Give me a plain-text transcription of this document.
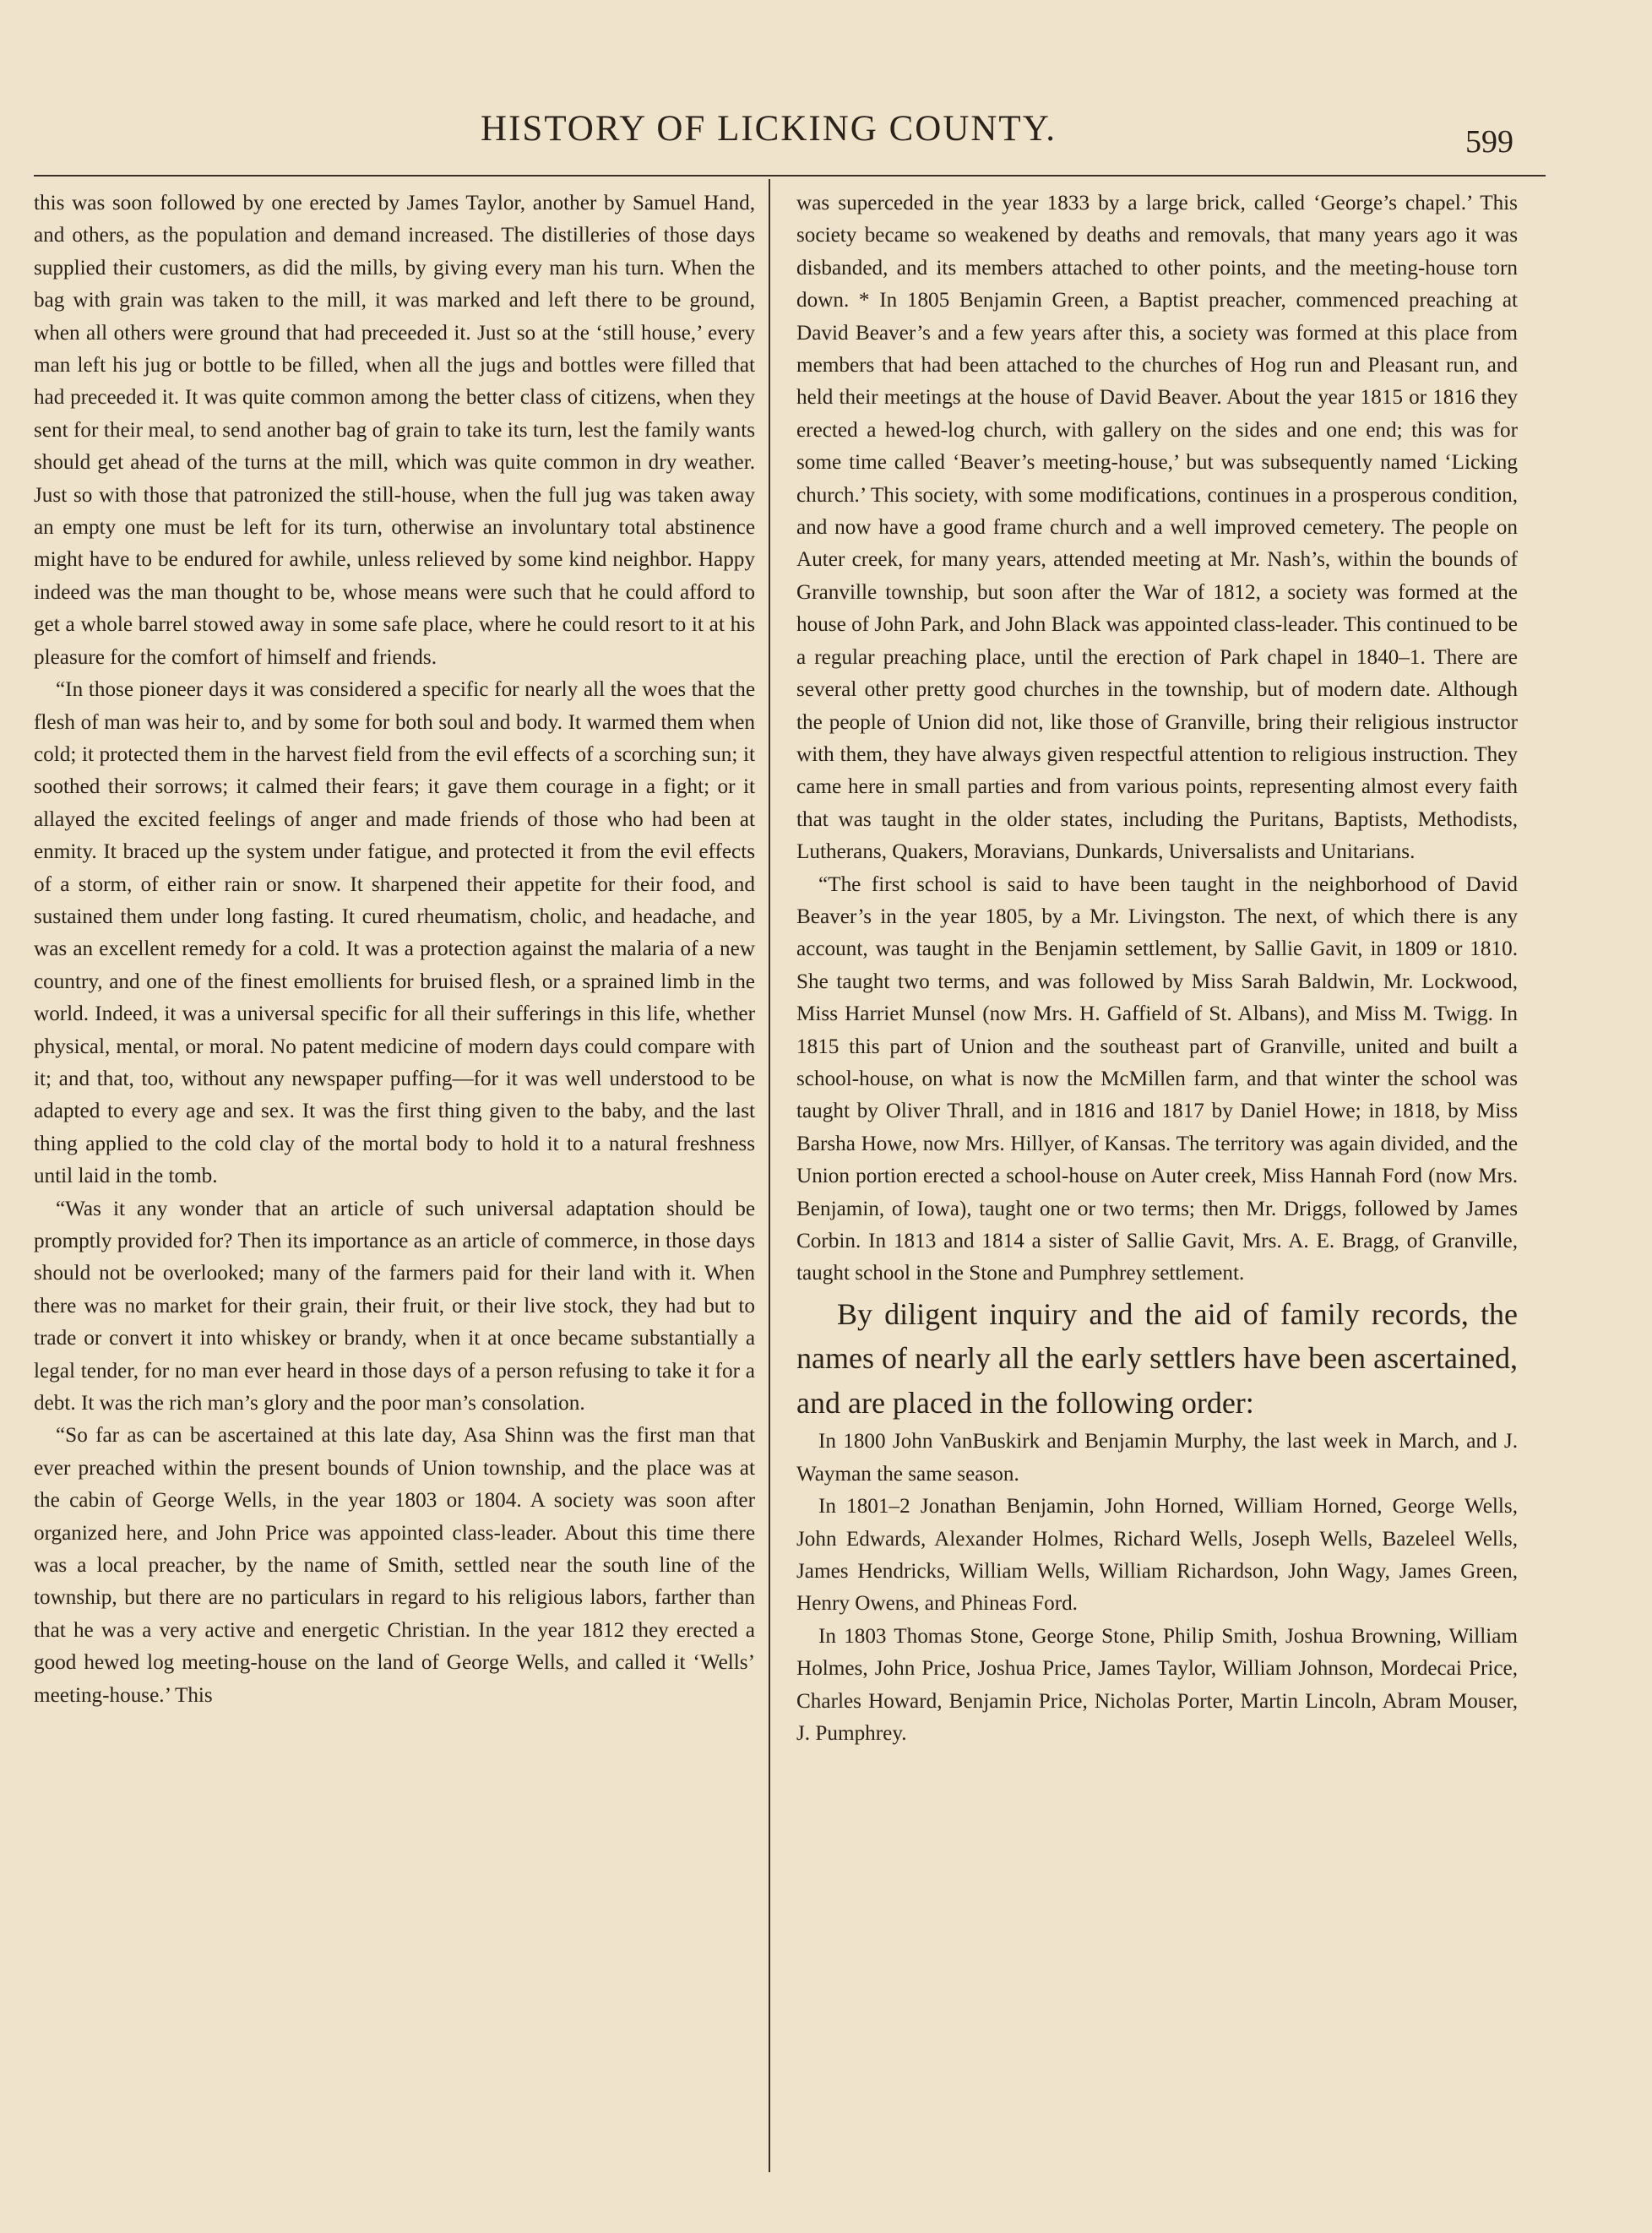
HISTORY OF LICKING COUNTY.	599

this was soon followed by one erected by James Taylor, another by Samuel Hand, and others, as the population and demand increased. The distilleries of those days supplied their customers, as did the mills, by giving every man his turn. When the bag with grain was taken to the mill, it was marked and left there to be ground, when all others were ground that had preceeded it. Just so at the ‘still house,’ every man left his jug or bottle to be filled, when all the jugs and bottles were filled that had preceeded it. It was quite common among the better class of citizens, when they sent for their meal, to send another bag of grain to take its turn, lest the family wants should get ahead of the turns at the mill, which was quite common in dry weather. Just so with those that patronized the still-house, when the full jug was taken away an empty one must be left for its turn, otherwise an involuntary total abstinence might have to be endured for awhile, unless relieved by some kind neighbor. Happy indeed was the man thought to be, whose means were such that he could afford to get a whole barrel stowed away in some safe place, where he could resort to it at his pleasure for the comfort of himself and friends.

“In those pioneer days it was considered a specific for nearly all the woes that the flesh of man was heir to, and by some for both soul and body. It warmed them when cold; it protected them in the harvest field from the evil effects of a scorching sun; it soothed their sorrows; it calmed their fears; it gave them courage in a fight; or it allayed the excited feelings of anger and made friends of those who had been at enmity. It braced up the system under fatigue, and protected it from the evil effects of a storm, of either rain or snow. It sharpened their appetite for their food, and sustained them under long fasting. It cured rheumatism, cholic, and headache, and was an excellent remedy for a cold. It was a protection against the malaria of a new country, and one of the finest emollients for bruised flesh, or a sprained limb in the world. Indeed, it was a universal specific for all their sufferings in this life, whether physical, mental, or moral. No patent medicine of modern days could compare with it; and that, too, without any newspaper puffing—for it was well understood to be adapted to every age and sex. It was the first thing given to the baby, and the last thing applied to the cold clay of the mortal body to hold it to a natural freshness until laid in the tomb.

“Was it any wonder that an article of such universal adaptation should be promptly provided for? Then its importance as an article of commerce, in those days should not be overlooked; many of the farmers paid for their land with it. When there was no market for their grain, their fruit, or their live stock, they had but to trade or convert it into whiskey or brandy, when it at once became substantially a legal tender, for no man ever heard in those days of a person refusing to take it for a debt. It was the rich man’s glory and the poor man’s consolation.

“So far as can be ascertained at this late day, Asa Shinn was the first man that ever preached within the present bounds of Union township, and the place was at the cabin of George Wells, in the year 1803 or 1804. A society was soon after organized here, and John Price was appointed class-leader. About this time there was a local preacher, by the name of Smith, settled near the south line of the township, but there are no particulars in regard to his religious labors, farther than that he was a very active and energetic Christian. In the year 1812 they erected a good hewed log meeting-house on the land of George Wells, and called it ‘Wells’ meeting-house.’ This

was superceded in the year 1833 by a large brick, called ‘George’s chapel.’ This society became so weakened by deaths and removals, that many years ago it was disbanded, and its members attached to other points, and the meeting-house torn down. * In 1805 Benjamin Green, a Baptist preacher, commenced preaching at David Beaver’s and a few years after this, a society was formed at this place from members that had been attached to the churches of Hog run and Pleasant run, and held their meetings at the house of David Beaver. About the year 1815 or 1816 they erected a hewed-log church, with gallery on the sides and one end; this was for some time called ‘Beaver’s meeting-house,’ but was subsequently named ‘Licking church.’ This society, with some modifications, continues in a prosperous condition, and now have a good frame church and a well improved cemetery. The people on Auter creek, for many years, attended meeting at Mr. Nash’s, within the bounds of Granville township, but soon after the War of 1812, a society was formed at the house of John Park, and John Black was appointed class-leader. This continued to be a regular preaching place, until the erection of Park chapel in 1840–1. There are several other pretty good churches in the township, but of modern date. Although the people of Union did not, like those of Granville, bring their religious instructor with them, they have always given respectful attention to religious instruction. They came here in small parties and from various points, representing almost every faith that was taught in the older states, including the Puritans, Baptists, Methodists, Lutherans, Quakers, Moravians, Dunkards, Universalists and Unitarians.

“The first school is said to have been taught in the neighborhood of David Beaver’s in the year 1805, by a Mr. Livingston. The next, of which there is any account, was taught in the Benjamin settlement, by Sallie Gavit, in 1809 or 1810. She taught two terms, and was followed by Miss Sarah Baldwin, Mr. Lockwood, Miss Harriet Munsel (now Mrs. H. Gaffield of St. Albans), and Miss M. Twigg. In 1815 this part of Union and the southeast part of Granville, united and built a school-house, on what is now the McMillen farm, and that winter the school was taught by Oliver Thrall, and in 1816 and 1817 by Daniel Howe; in 1818, by Miss Barsha Howe, now Mrs. Hillyer, of Kansas. The territory was again divided, and the Union portion erected a school-house on Auter creek, Miss Hannah Ford (now Mrs. Benjamin, of Iowa), taught one or two terms; then Mr. Driggs, followed by James Corbin. In 1813 and 1814 a sister of Sallie Gavit, Mrs. A. E. Bragg, of Granville, taught school in the Stone and Pumphrey settlement.

By diligent inquiry and the aid of family records, the names of nearly all the early settlers have been ascertained, and are placed in the following order:

In 1800 John VanBuskirk and Benjamin Murphy, the last week in March, and J. Wayman the same season.

In 1801–2 Jonathan Benjamin, John Horned, William Horned, George Wells, John Edwards, Alexander Holmes, Richard Wells, Joseph Wells, Bazeleel Wells, James Hendricks, William Wells, William Richardson, John Wagy, James Green, Henry Owens, and Phineas Ford.

In 1803 Thomas Stone, George Stone, Philip Smith, Joshua Browning, William Holmes, John Price, Joshua Price, James Taylor, William Johnson, Mordecai Price, Charles Howard, Benjamin Price, Nicholas Porter, Martin Lincoln, Abram Mouser, J. Pumphrey.
